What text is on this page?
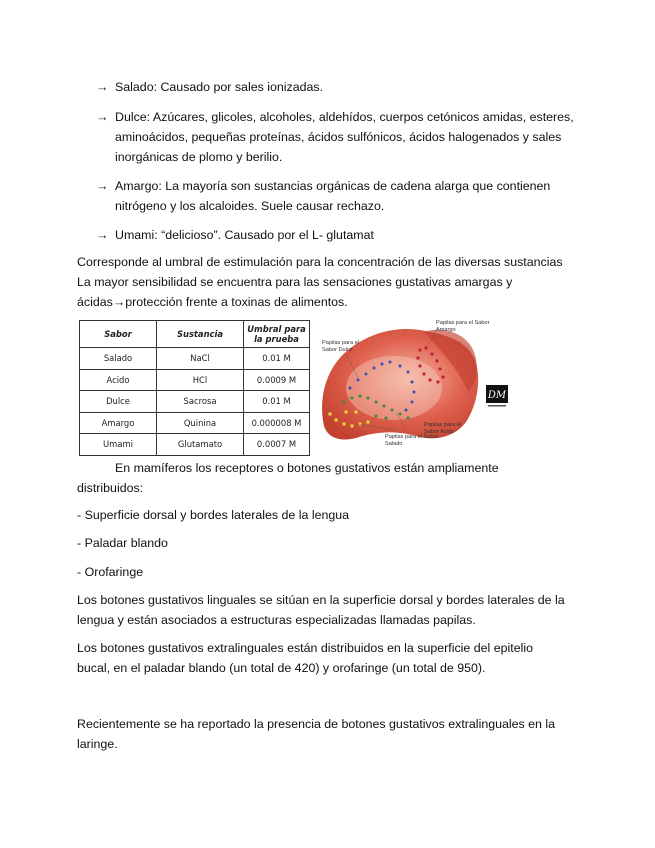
→ Salado: Causado por sales ionizadas.
→ Dulce: Azúcares, glicoles, alcoholes, aldehídos, cuerpos cetónicos amidas, esteres, aminoácidos, pequeñas proteínas, ácidos sulfónicos, ácidos halogenados y sales inorgánicas de plomo y berilio.
→ Amargo: La mayoría son sustancias orgánicas de cadena alarga que contienen nitrógeno y los alcaloides. Suele causar rechazo.
→ Umami: “delicioso”. Causado por el L- glutamat
Corresponde al umbral de estimulación para la concentración de las diversas sustancias La mayor sensibilidad se encuentra para las sensaciones gustativas amargas y ácidas→protección frente a toxinas de alimentos.
Sabor	Sustancia	Umbral para la prueba
Salado	NaCl	0.01 M
Acido	HCl	0.0009 M
Dulce	Sacrosa	0.01 M
Amargo	Quinina	0.000008 M
Umami	Glutamato	0.0007 M
Papilas para el Sabor Amargo
Papilas para el Sabor Dulce
Papilas para el Sabor Acido
Papilas para el Sabor Salado
DM
En mamíferos los receptores o botones gustativos están ampliamente distribuidos:
- Superficie dorsal y bordes laterales de la lengua
- Paladar blando
- Orofaringe
Los botones gustativos linguales se sitúan en la superficie dorsal y bordes laterales de la lengua y están asociados a estructuras especializadas llamadas papilas.
Los botones gustativos extralinguales están distribuidos en la superficie del epitelio bucal, en el paladar blando (un total de 420) y orofaringe (un total de 950).
Recientemente se ha reportado la presencia de botones gustativos extralinguales en la laringe.
